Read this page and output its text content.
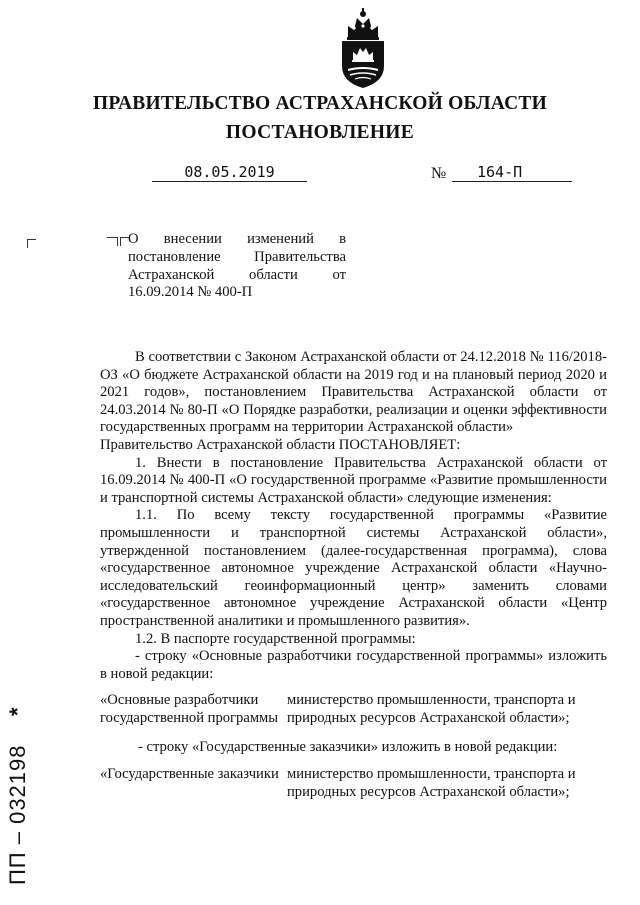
ПРАВИТЕЛЬСТВО АСТРАХАНСКОЙ ОБЛАСТИ
ПОСТАНОВЛЕНИЕ
08.05.2019	№	164-П
О внесении изменений в постановление Правительства Астраханской области от 16.09.2014 № 400-П

В соответствии с Законом Астраханской области от 24.12.2018 № 116/2018-ОЗ «О бюджете Астраханской области на 2019 год и на плановый период 2020 и 2021 годов», постановлением Правительства Астраханской области от 24.03.2014 № 80-П «О Порядке разработки, реализации и оценки эффективности государственных программ на территории Астраханской области»

Правительство Астраханской области ПОСТАНОВЛЯЕТ:

1. Внести в постановление Правительства Астраханской области от 16.09.2014 № 400-П «О государственной программе «Развитие промышленности и транспортной системы Астраханской области» следующие изменения:

1.1. По всему тексту государственной программы «Развитие промышленности и транспортной системы Астраханской области», утвержденной постановлением (далее-государственная программа), слова «государственное автономное учреждение Астраханской области «Научно-исследовательский геоинформационный центр» заменить словами «государственное автономное учреждение Астраханской области «Центр пространственной аналитики и промышленного развития».

1.2. В паспорте государственной программы:

- строку «Основные разработчики государственной программы» изложить в новой редакции:

«Основные разработчики государственной программы
министерство промышленности, транспорта и природных ресурсов Астраханской области»;

- строку «Государственные заказчики» изложить в новой редакции:

«Государственные заказчики министерство промышленности, транспорта и природных ресурсов Астраханской области»;
ПП – 032198    *
